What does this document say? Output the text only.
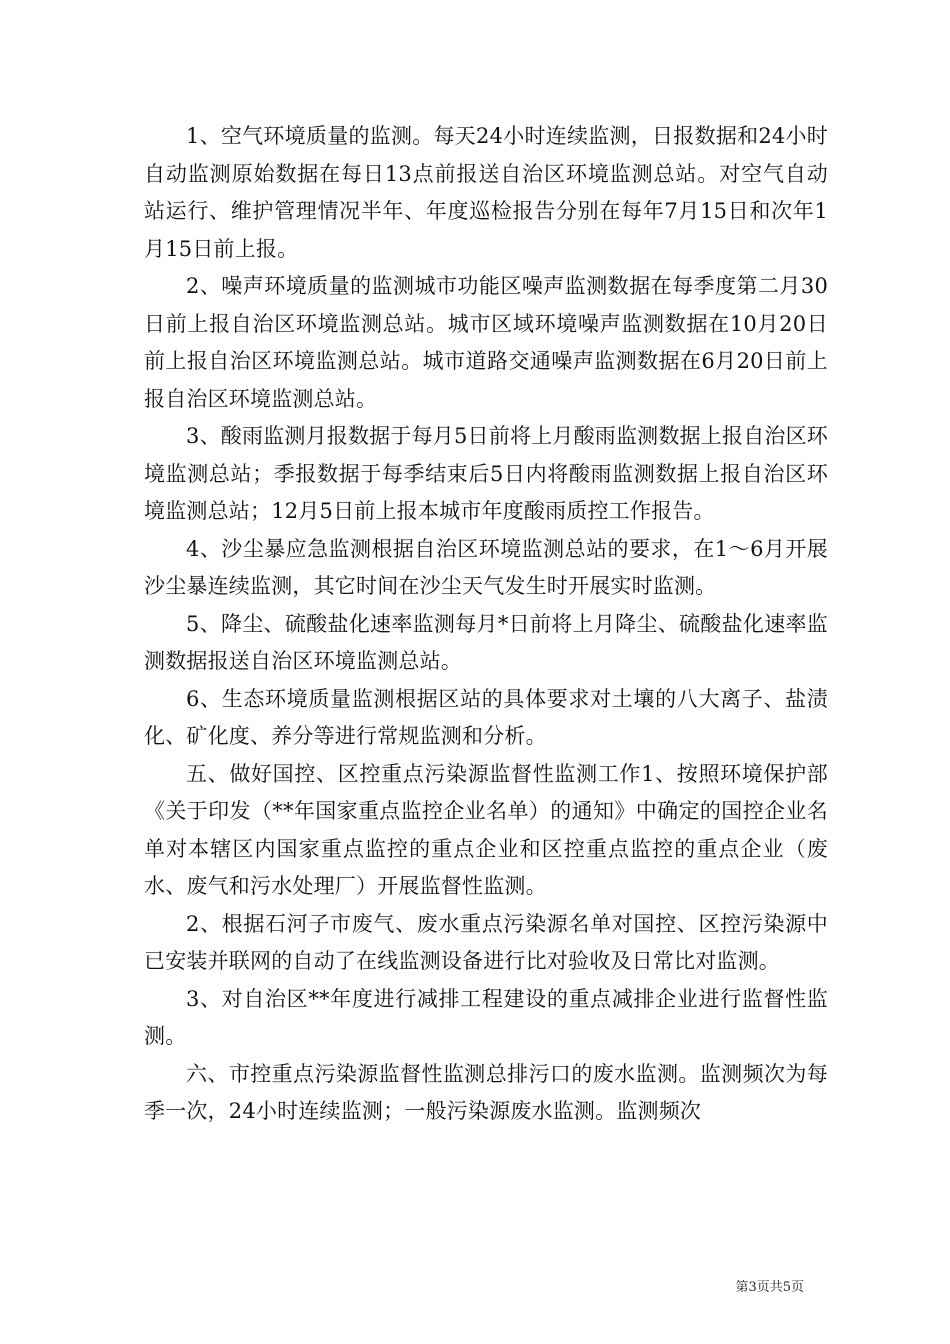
1、空气环境质量的监测。每天24小时连续监测，日报数据和24小时自动监测原始数据在每日13点前报送自治区环境监测总站。对空气自动站运行、维护管理情况半年、年度巡检报告分别在每年7月15日和次年1月15日前上报。

2、噪声环境质量的监测城市功能区噪声监测数据在每季度第二月30日前上报自治区环境监测总站。城市区域环境噪声监测数据在10月20日前上报自治区环境监测总站。城市道路交通噪声监测数据在6月20日前上报自治区环境监测总站。

3、酸雨监测月报数据于每月5日前将上月酸雨监测数据上报自治区环境监测总站；季报数据于每季结束后5日内将酸雨监测数据上报自治区环境监测总站；12月5日前上报本城市年度酸雨质控工作报告。

4、沙尘暴应急监测根据自治区环境监测总站的要求，在1～6月开展沙尘暴连续监测，其它时间在沙尘天气发生时开展实时监测。

5、降尘、硫酸盐化速率监测每月*日前将上月降尘、硫酸盐化速率监测数据报送自治区环境监测总站。

6、生态环境质量监测根据区站的具体要求对土壤的八大离子、盐渍化、矿化度、养分等进行常规监测和分析。

五、做好国控、区控重点污染源监督性监测工作1、按照环境保护部《关于印发（**年国家重点监控企业名单）的通知》中确定的国控企业名单对本辖区内国家重点监控的重点企业和区控重点监控的重点企业（废水、废气和污水处理厂）开展监督性监测。

2、根据石河子市废气、废水重点污染源名单对国控、区控污染源中已安装并联网的自动了在线监测设备进行比对验收及日常比对监测。

3、对自治区**年度进行减排工程建设的重点减排企业进行监督性监测。

六、市控重点污染源监督性监测总排污口的废水监测。监测频次为每季一次，24小时连续监测；一般污染源废水监测。监测频次

第3页共5页
